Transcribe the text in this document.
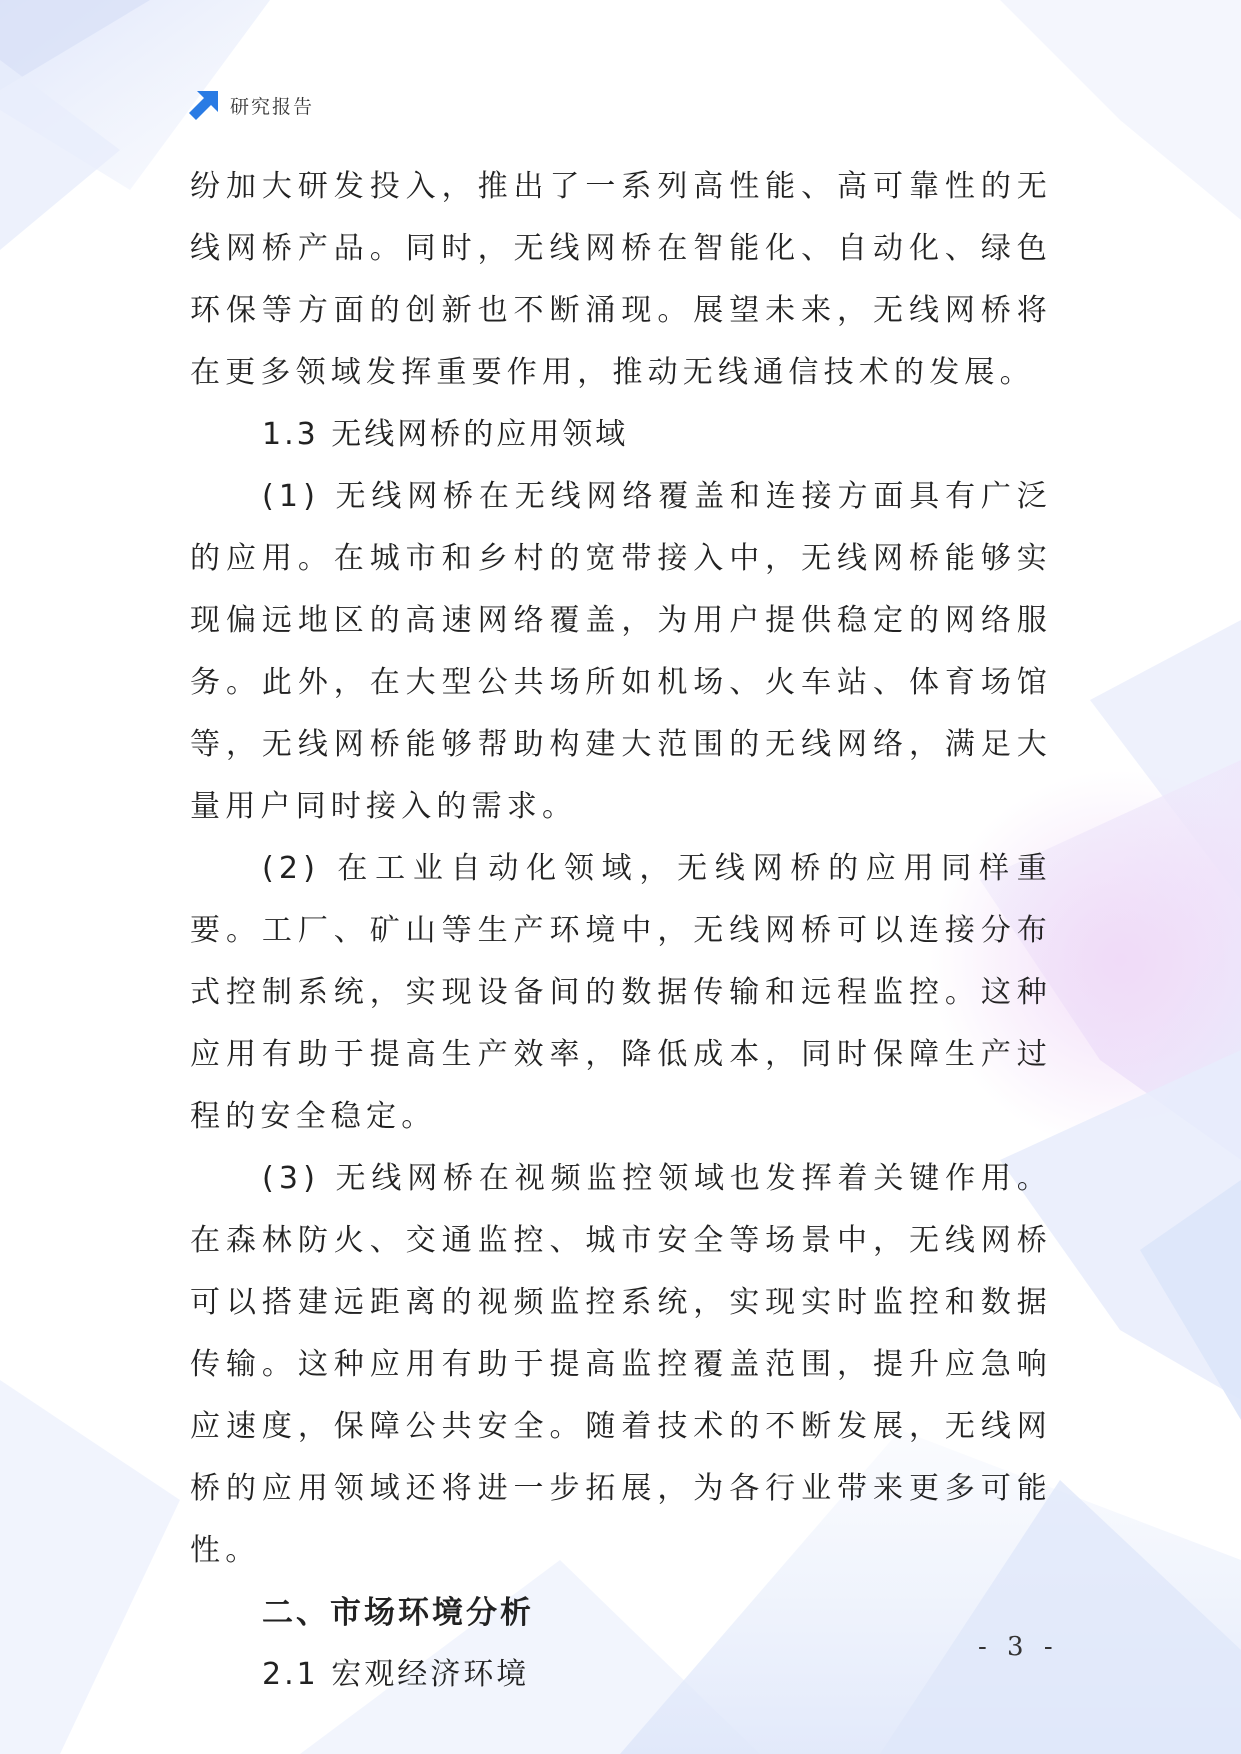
研究报告

纷加大研发投入，推出了一系列高性能、高可靠性的无线网桥产品。同时，无线网桥在智能化、自动化、绿色环保等方面的创新也不断涌现。展望未来，无线网桥将在更多领域发挥重要作用，推动无线通信技术的发展。

1.3 无线网桥的应用领域

(1) 无线网桥在无线网络覆盖和连接方面具有广泛的应用。在城市和乡村的宽带接入中，无线网桥能够实现偏远地区的高速网络覆盖，为用户提供稳定的网络服务。此外，在大型公共场所如机场、火车站、体育场馆等，无线网桥能够帮助构建大范围的无线网络，满足大量用户同时接入的需求。

(2) 在工业自动化领域，无线网桥的应用同样重要。工厂、矿山等生产环境中，无线网桥可以连接分布式控制系统，实现设备间的数据传输和远程监控。这种应用有助于提高生产效率，降低成本，同时保障生产过程的安全稳定。

(3) 无线网桥在视频监控领域也发挥着关键作用。在森林防火、交通监控、城市安全等场景中，无线网桥可以搭建远距离的视频监控系统，实现实时监控和数据传输。这种应用有助于提高监控覆盖范围，提升应急响应速度，保障公共安全。随着技术的不断发展，无线网桥的应用领域还将进一步拓展，为各行业带来更多可能性。

二、市场环境分析

2.1 宏观经济环境

- 3 -
